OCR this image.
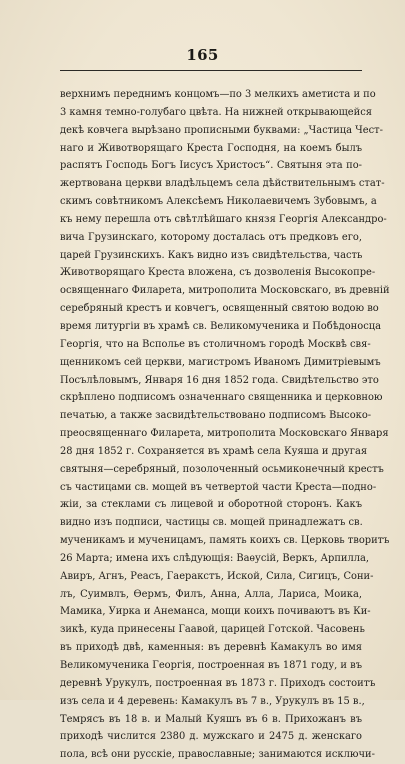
165
верхнимъ переднимъ концомъ—по 3 мелкихъ аметиста и по
3 камня темно-голубаго цвѣта. На нижней открывающейся
декѣ ковчега вырѣзано прописными буквами: „Частица Чест-
наго и Животворящаго Креста Господня, на коемъ былъ
распятъ Господь Богъ Іисусъ Христосъ“. Святыня эта по-
жертвована церкви владѣльцемъ села дѣйствительнымъ стат-
скимъ совѣтникомъ Алексѣемъ Николаевичемъ Зубовымъ, а
къ нему перешла отъ свѣтлѣйшаго князя Георгія Александро-
вича Грузинскаго, которому досталась отъ предковъ его,
царей Грузинскихъ. Какъ видно изъ свидѣтельства, часть
Животворящаго Креста вложена, съ дозволенія Высокопре-
освященнаго Филарета, митрополита Московскаго, въ древній
серебряный крестъ и ковчегъ, освященный святою водою во
время литургіи въ храмѣ св. Великомученика и Побѣдоносца
Георгія, что на Всполье въ столичномъ городѣ Москвѣ свя-
щенникомъ сей церкви, магистромъ Иваномъ Димитріевымъ
Посълѣловымъ, Января 16 дня 1852 года. Свидѣтельство это
скрѣплено подписомъ означеннаго священника и церковною
печатью, а также засвидѣтельствовано подписомъ Высоко-
преосвященнаго Филарета, митрополита Московскаго Января
28 дня 1852 г. Сохраняется въ храмѣ села Куяша и другая
святыня—серебряный, позолоченный осьмиконечный крестъ
съ частицами св. мощей въ четвертой части Креста—подно-
жіи, за стеклами съ лицевой и оборотной сторонъ. Какъ
видно изъ подписи, частицы св. мощей принадлежатъ св.
мученикамъ и мученицамъ, память коихъ св. Церковь творитъ
26 Марта; имена ихъ слѣдующія: Ваѳусій, Веркъ, Арпилла,
Авиръ, Агнъ, Реасъ, Гаеракстъ, Иской, Сила, Сигицъ, Сони-
лъ, Суимвлъ, Ѳермъ, Филъ, Анна, Алла, Лариса, Моика,
Мамика, Уирка и Анеманса, мощи коихъ почиваютъ въ Ки-
зикѣ, куда принесены Гаавой, царицей Готской. Часовень
въ приходѣ двѣ, каменныя: въ деревнѣ Камакулъ во имя
Великомученика Георгія, построенная въ 1871 году, и въ
деревнѣ Урукулъ, построенная въ 1873 г. Приходъ состоитъ
изъ села и 4 деревень: Камакулъ въ 7 в., Урукулъ въ 15 в.,
Темрясъ въ 18 в. и Малый Куяшъ въ 6 в. Прихожанъ въ
приходѣ числится 2380 д. мужскаго и 2475 д. женскаго
пола, всѣ они русскіе, православные; занимаются исключи-
